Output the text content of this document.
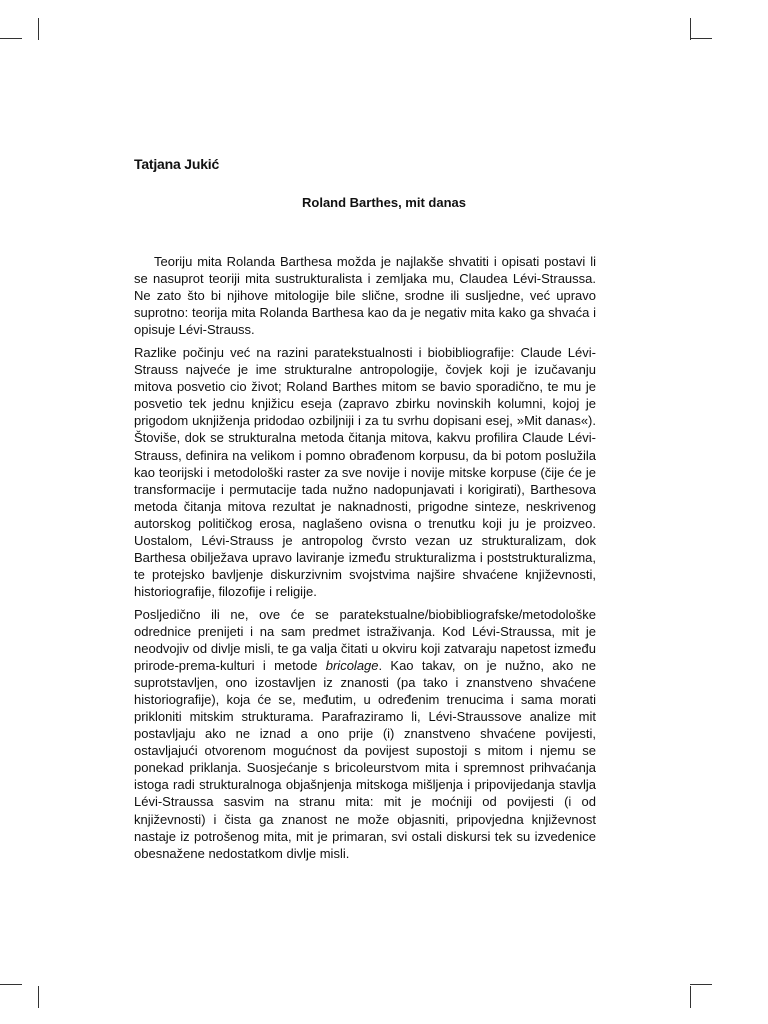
Tatjana Jukić
Roland Barthes, mit danas

Teoriju mita Rolanda Barthesa možda je najlakše shvatiti i opisati postavi li se nasuprot teoriji mita sustrukturalista i zemljaka mu, Claudea Lévi-Straussa. Ne zato što bi njihove mitologije bile slične, srodne ili susljedne, već upravo suprotno: teorija mita Rolanda Barthesa kao da je negativ mita kako ga shvaća i opisuje Lévi-Strauss.

Razlike počinju već na razini paratekstualnosti i biobibliografije: Claude Lévi-Strauss najveće je ime strukturalne antropologije, čovjek koji je izučavanju mitova posvetio cio život; Roland Barthes mitom se bavio sporadično, te mu je posvetio tek jednu knjižicu eseja (zapravo zbirku novinskih kolumni, kojoj je prigodom uknjiženja pridodao ozbiljniji i za tu svrhu dopisani esej, »Mit danas«). Štoviše, dok se strukturalna metoda čitanja mitova, kakvu profilira Claude Lévi-Strauss, definira na velikom i pomno obrađenom korpusu, da bi potom poslužila kao teorijski i metodološki raster za sve novije i novije mitske korpuse (čije će je transformacije i permutacije tada nužno nadopunjavati i korigirati), Barthesova metoda čitanja mitova rezultat je naknadnosti, prigodne sinteze, neskrivenog autorskog političkog erosa, naglašeno ovisna o trenutku koji ju je proizveo. Uostalom, Lévi-Strauss je antropolog čvrsto vezan uz strukturalizam, dok Barthesa obilježava upravo laviranje između strukturalizma i poststrukturalizma, te protejsko bavljenje diskurzivnim svojstvima najšire shvaćene književnosti, historiografije, filozofije i religije.

Posljedično ili ne, ove će se paratekstualne/biobibliografske/metodološke odrednice prenijeti i na sam predmet istraživanja. Kod Lévi-Straussa, mit je neodvojiv od divlje misli, te ga valja čitati u okviru koji zatvaraju napetost između prirode-prema-kulturi i metode bricolage. Kao takav, on je nužno, ako ne suprotstavljen, ono izostavljen iz znanosti (pa tako i znanstveno shvaćene historiografije), koja će se, međutim, u određenim trenucima i sama morati prikloniti mitskim strukturama. Parafraziramo li, Lévi-Straussove analize mit postavljaju ako ne iznad a ono prije (i) znanstveno shvaćene povijesti, ostavljajući otvorenom mogućnost da povijest supostoji s mitom i njemu se ponekad priklanja. Suosjećanje s bricoleurstvom mita i spremnost prihvaćanja istoga radi strukturalnoga objašnjenja mitskoga mišljenja i pripovijedanja stavlja Lévi-Straussa sasvim na stranu mita: mit je moćniji od povijesti (i od književnosti) i čista ga znanost ne može objasniti, pripovjedna književnost nastaje iz potrošenog mita, mit je primaran, svi ostali diskursi tek su izvedenice obesnažene nedostatkom divlje misli.
